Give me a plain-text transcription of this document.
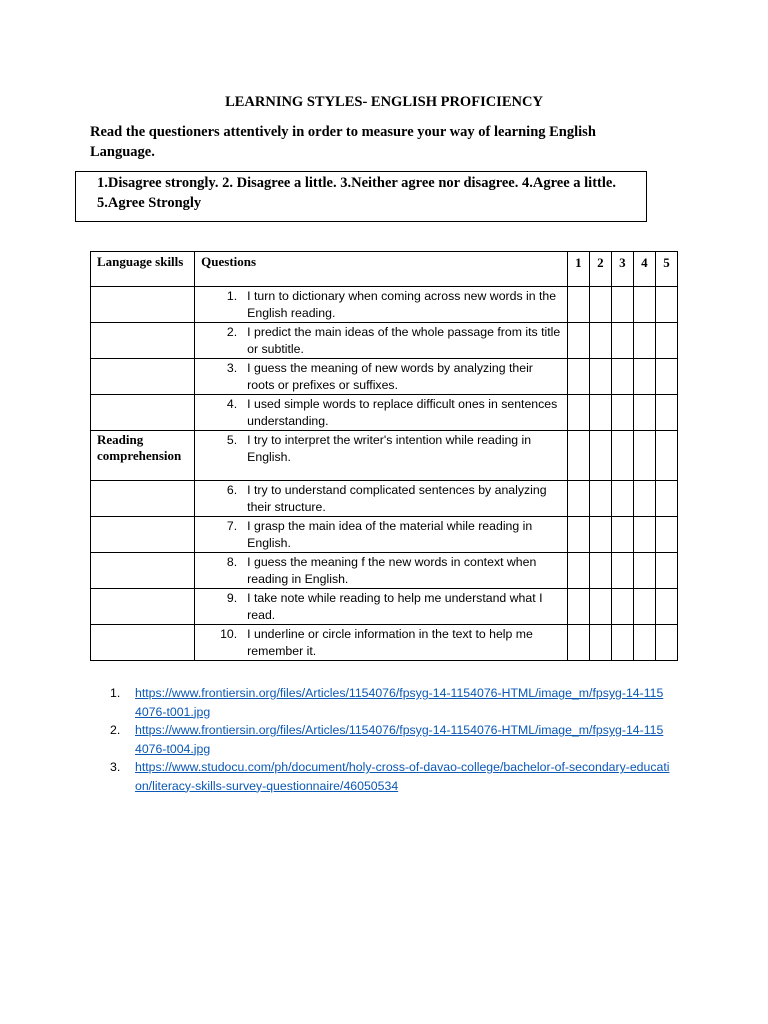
LEARNING STYLES- ENGLISH PROFICIENCY
Read the questioners attentively in order to measure your way of learning English Language.
1.Disagree strongly. 2. Disagree a little. 3.Neither agree nor disagree. 4.Agree a little. 5.Agree Strongly
Language skills	Questions	1	2	3	4	5

	1. I turn to dictionary when coming across new words in the English reading.					

	2. I predict the main ideas of the whole passage from its title or subtitle.					

	3. I guess the meaning of new words by analyzing their roots or prefixes or suffixes.					

	4. I used simple words to replace difficult ones in sentences understanding.					
Reading comprehension	5. I try to interpret the writer's intention while reading in English.					

	6. I try to understand complicated sentences by analyzing their structure.					

	7. I grasp the main idea of the material while reading in English.					

	8. I guess the meaning f the new words in context when reading in English.					

	9. I take note while reading to help me understand what I read.					

	10. I underline or circle information in the text to help me remember it.					
1. https://www.frontiersin.org/files/Articles/1154076/fpsyg-14-1154076-HTML/image_m/fpsyg-14-1154076-t001.jpg
2. https://www.frontiersin.org/files/Articles/1154076/fpsyg-14-1154076-HTML/image_m/fpsyg-14-1154076-t004.jpg
3. https://www.studocu.com/ph/document/holy-cross-of-davao-college/bachelor-of-secondary-education/literacy-skills-survey-questionnaire/46050534
